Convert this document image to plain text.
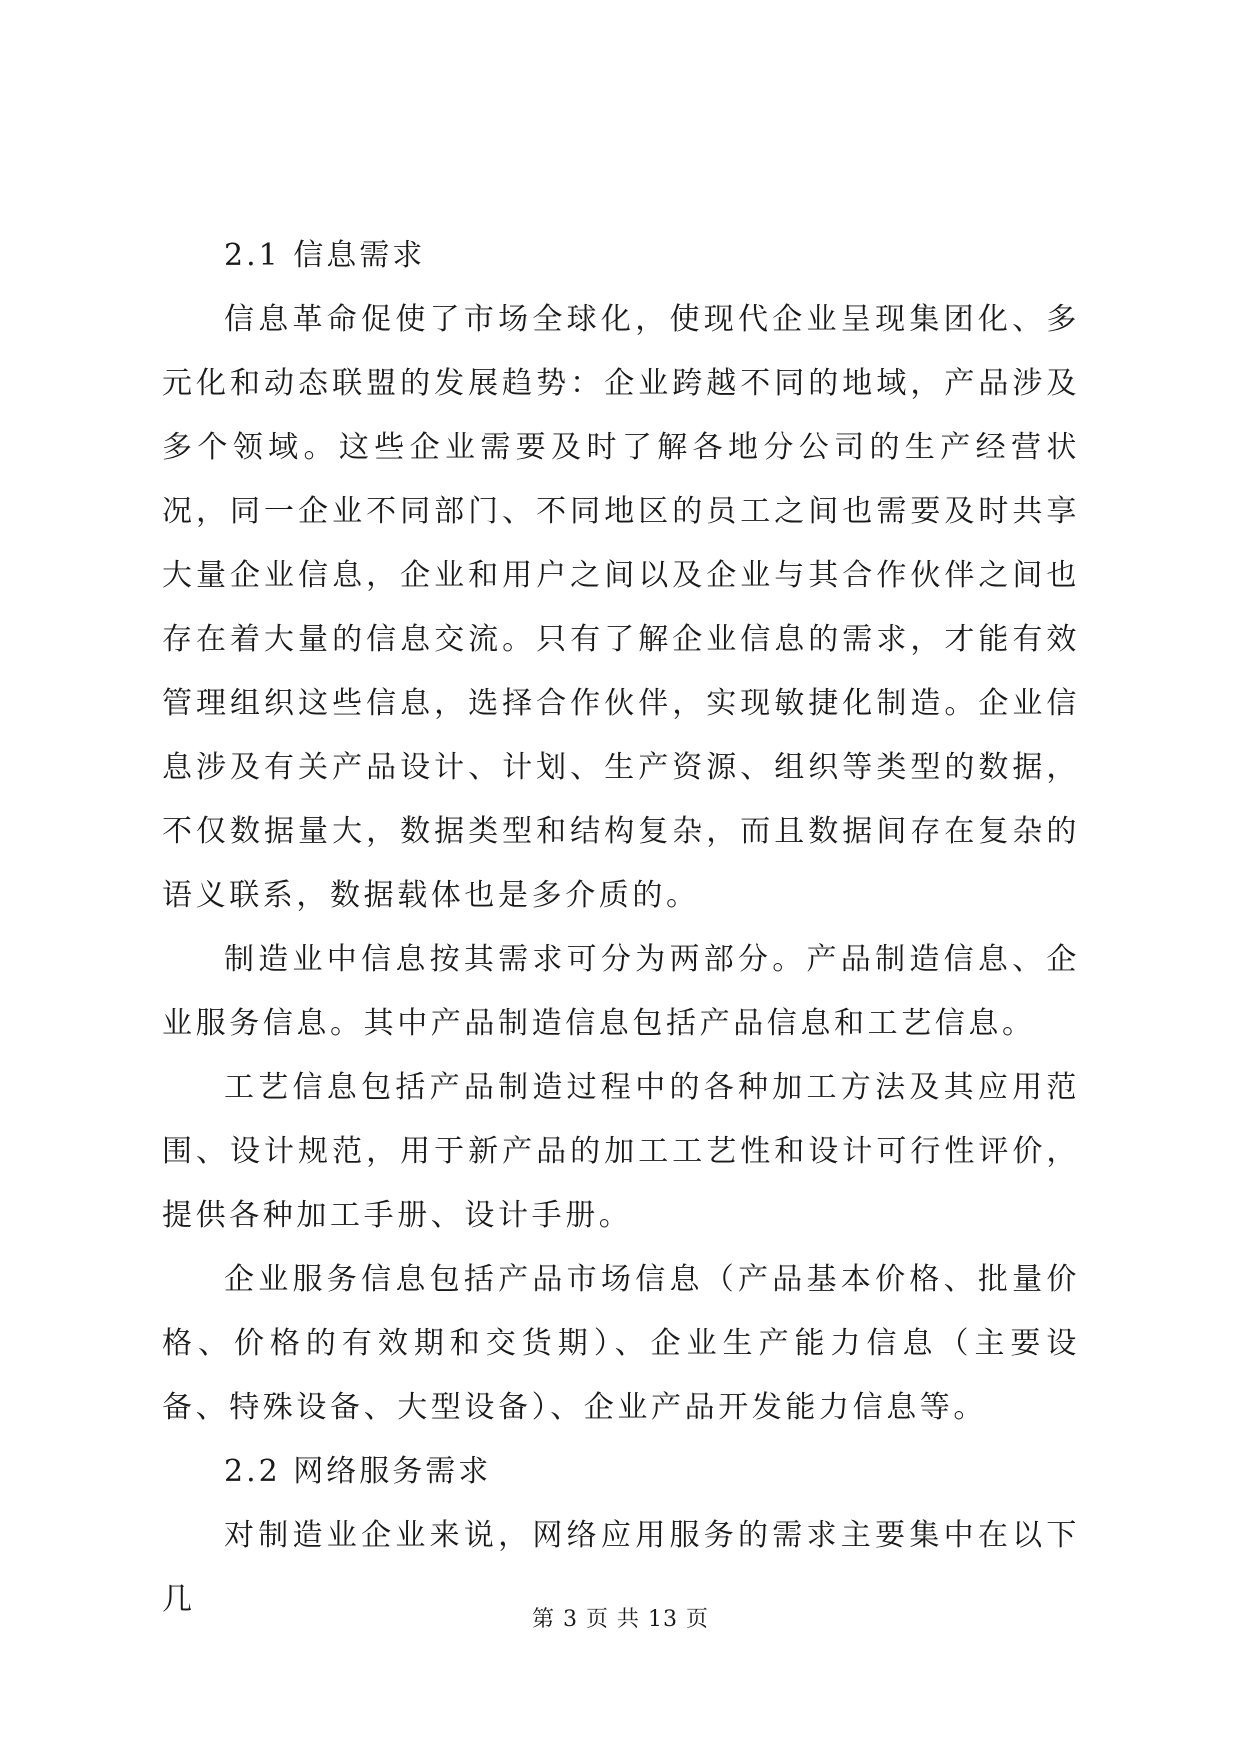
2.1 信息需求

信息革命促使了市场全球化，使现代企业呈现集团化、多元化和动态联盟的发展趋势：企业跨越不同的地域，产品涉及多个领域。这些企业需要及时了解各地分公司的生产经营状况，同一企业不同部门、不同地区的员工之间也需要及时共享大量企业信息，企业和用户之间以及企业与其合作伙伴之间也存在着大量的信息交流。只有了解企业信息的需求，才能有效管理组织这些信息，选择合作伙伴，实现敏捷化制造。企业信息涉及有关产品设计、计划、生产资源、组织等类型的数据，不仅数据量大，数据类型和结构复杂，而且数据间存在复杂的语义联系，数据载体也是多介质的。

制造业中信息按其需求可分为两部分。产品制造信息、企业服务信息。其中产品制造信息包括产品信息和工艺信息。

工艺信息包括产品制造过程中的各种加工方法及其应用范围、设计规范，用于新产品的加工工艺性和设计可行性评价，提供各种加工手册、设计手册。

企业服务信息包括产品市场信息（产品基本价格、批量价格、价格的有效期和交货期）、企业生产能力信息（主要设备、特殊设备、大型设备）、企业产品开发能力信息等。

2.2 网络服务需求

对制造业企业来说，网络应用服务的需求主要集中在以下几

第 3 页 共 13 页
